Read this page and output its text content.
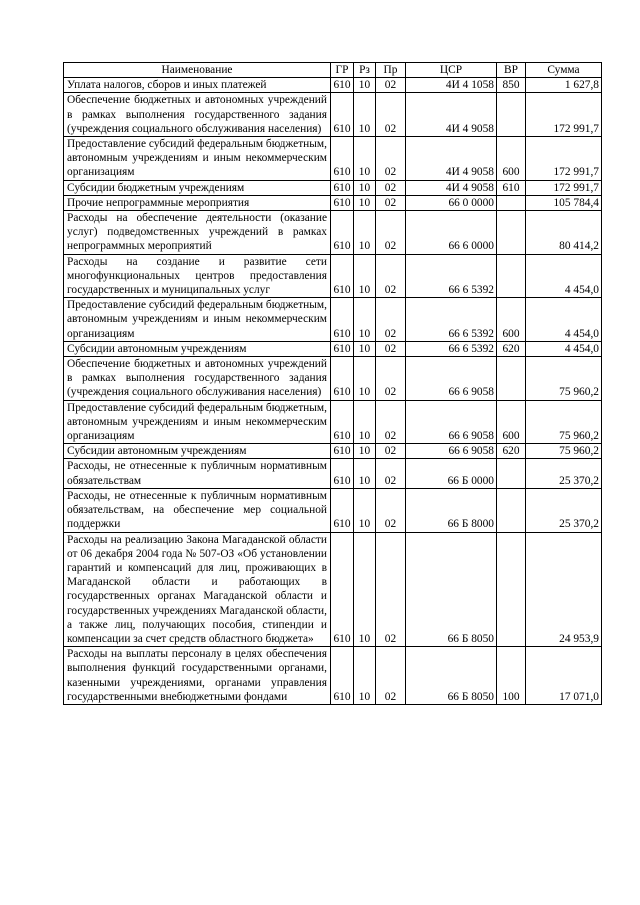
Наименование	ГР	Рз	Пр	ЦСР	ВР	Сумма
Уплата налогов, сборов и иных платежей	610	10	02	4И 4 1058	850	1 627,8
Обеспечение бюджетных и автономных учреждений в рамках выполнения государственного задания (учреждения социального обслуживания населения)	610	10	02	4И 4 9058		172 991,7
Предоставление субсидий федеральным бюджетным, автономным учреждениям и иным некоммерческим организациям	610	10	02	4И 4 9058	600	172 991,7
Субсидии бюджетным учреждениям	610	10	02	4И 4 9058	610	172 991,7
Прочие непрограммные мероприятия	610	10	02	66 0 0000		105 784,4
Расходы на обеспечение деятельности (оказание услуг) подведомственных учреждений в рамках непрограммных мероприятий	610	10	02	66 6 0000		80 414,2
Расходы на создание и развитие сети многофункциональных центров предоставления государственных и муниципальных услуг	610	10	02	66 6 5392		4 454,0
Предоставление субсидий федеральным бюджетным, автономным учреждениям и иным некоммерческим организациям	610	10	02	66 6 5392	600	4 454,0
Субсидии автономным учреждениям	610	10	02	66 6 5392	620	4 454,0
Обеспечение бюджетных и автономных учреждений в рамках выполнения государственного задания (учреждения социального обслуживания населения)	610	10	02	66 6 9058		75 960,2
Предоставление субсидий федеральным бюджетным, автономным учреждениям и иным некоммерческим организациям	610	10	02	66 6 9058	600	75 960,2
Субсидии автономным учреждениям	610	10	02	66 6 9058	620	75 960,2
Расходы, не отнесенные к публичным нормативным обязательствам	610	10	02	66 Б 0000		25 370,2
Расходы, не отнесенные к публичным нормативным обязательствам, на обеспечение мер социальной поддержки	610	10	02	66 Б 8000		25 370,2
Расходы на реализацию Закона Магаданской области от 06 декабря 2004 года № 507-ОЗ «Об установлении гарантий и компенсаций для лиц, проживающих в Магаданской области и работающих в государственных органах Магаданской области и государственных учреждениях Магаданской области, а также лиц, получающих пособия, стипендии и компенсации за счет средств областного бюджета»	610	10	02	66 Б 8050		24 953,9
Расходы на выплаты персоналу в целях обеспечения выполнения функций государственными органами, казенными учреждениями, органами управления государственными внебюджетными фондами	610	10	02	66 Б 8050	100	17 071,0
